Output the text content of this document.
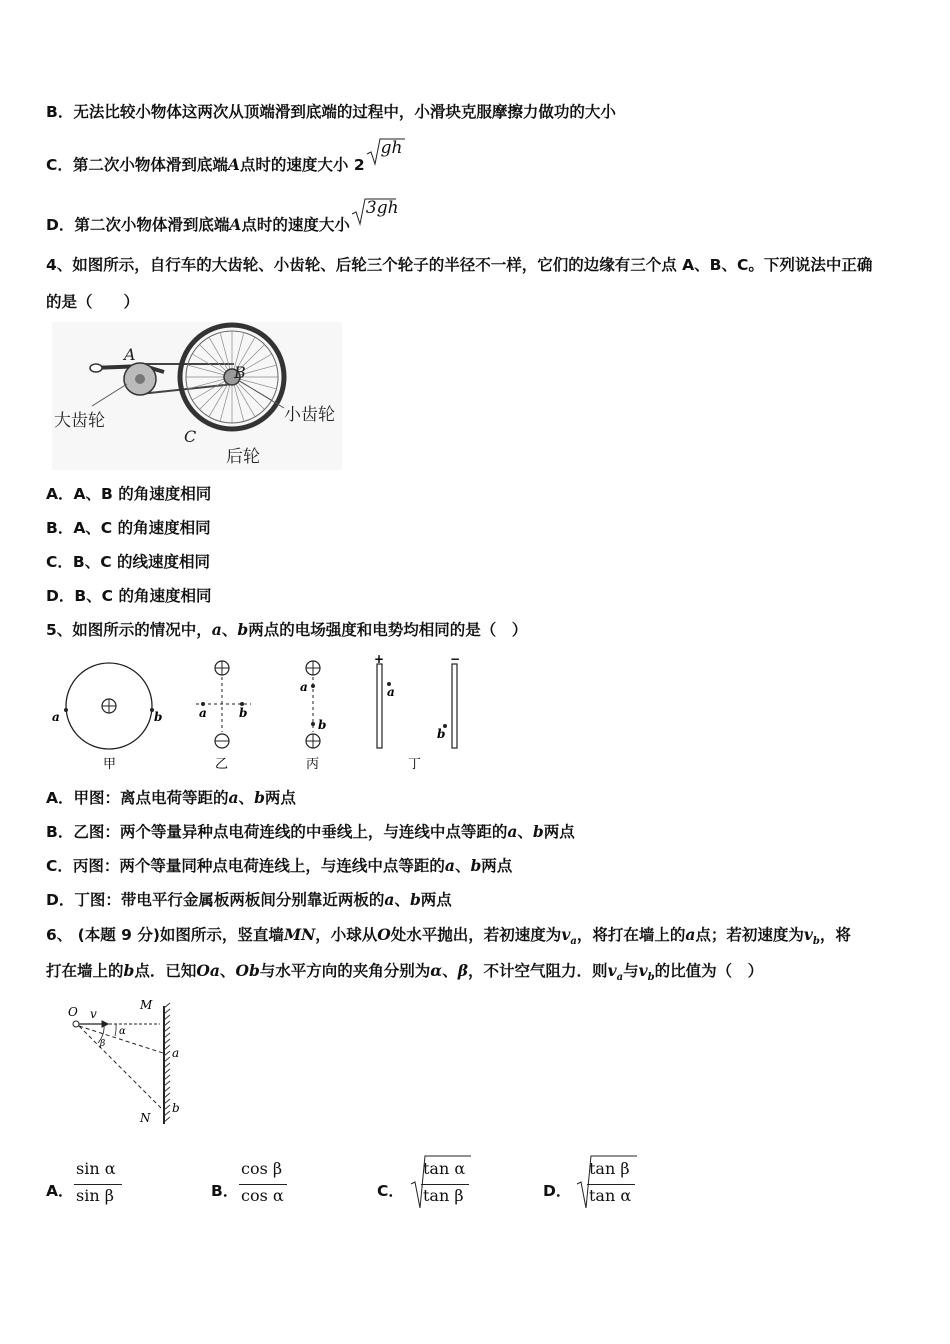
B．无法比较小物体这两次从顶端滑到底端的过程中，小滑块克服摩擦力做功的大小
C．第二次小物体滑到底端A点时的速度大小 2
gh
D．第二次小物体滑到底端A点时的速度大小
3gh
4、如图所示，自行车的大齿轮、小齿轮、后轮三个轮子的半径不一样，它们的边缘有三个点 A、B、C。下列说法中正确
的是（　　）
A
B
C
大齿轮	小齿轮
后轮
A．A、B 的角速度相同
B．A、C 的角速度相同
C．B、C 的线速度相同
D．B、C 的角速度相同
5、如图所示的情况中，a、b两点的电场强度和电势均相同的是（　）
a	b
甲
a	b
乙
a
b
丙
+	−
a
b
丁
A．甲图：离点电荷等距的a、b两点
B．乙图：两个等量异种点电荷连线的中垂线上，与连线中点等距的a、b两点
C．丙图：两个等量同种点电荷连线上，与连线中点等距的a、b两点
D．丁图：带电平行金属板两板间分别靠近两板的a、b两点
6、 (本题 9 分)如图所示，竖直墙MN，小球从O处水平抛出，若初速度为$v_a$，将打在墙上的a点；若初速度为$v_b$，将
打在墙上的b点．已知Oa、Ob与水平方向的夹角分别为α、β，不计空气阻力．则$v_a$与$v_b$的比值为（　）
O v
M
N
a
b
α
β
A．
sin α
sin β	B．
cos β
cos α	C．
tan α
tan β	D．
tan β
tan α
